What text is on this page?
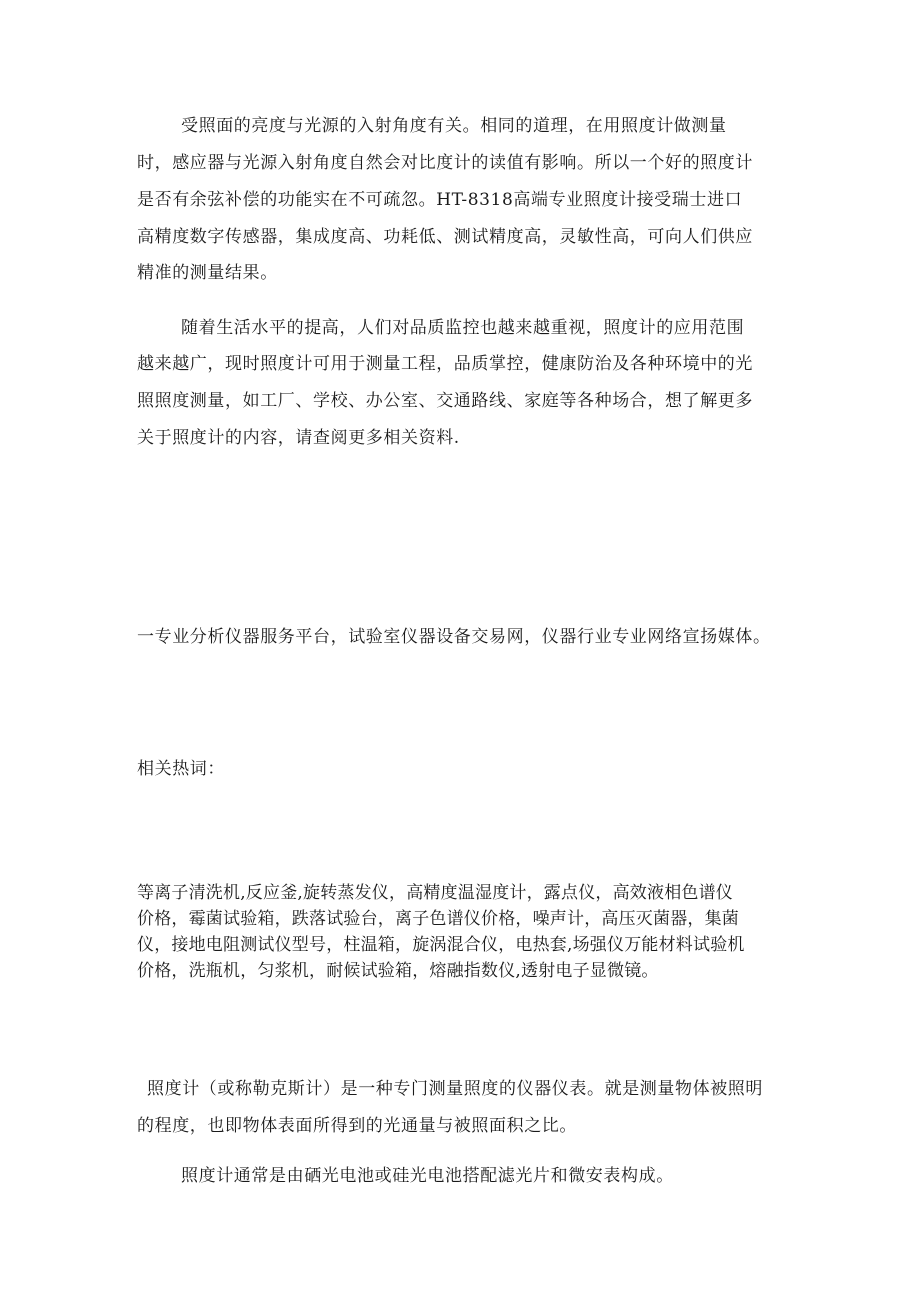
受照面的亮度与光源的入射角度有关。相同的道理，在用照度计做测量

时，感应器与光源入射角度自然会对比度计的读值有影响。所以一个好的照度计

是否有余弦补偿的功能实在不可疏忽。HT-8318高端专业照度计接受瑞士进口

高精度数字传感器，集成度高、功耗低、测试精度高，灵敏性高，可向人们供应

精准的测量结果。

随着生活水平的提高，人们对品质监控也越来越重视，照度计的应用范围

越来越广，现时照度计可用于测量工程，品质掌控，健康防治及各种环境中的光

照照度测量，如工厂、学校、办公室、交通路线、家庭等各种场合，想了解更多

关于照度计的内容，请查阅更多相关资料.

一专业分析仪器服务平台，试验室仪器设备交易网，仪器行业专业网络宣扬媒体。

相关热词：

等离子清洗机,反应釜,旋转蒸发仪，高精度温湿度计，露点仪，高效液相色谱仪

价格，霉菌试验箱，跌落试验台，离子色谱仪价格，噪声计，高压灭菌器，集菌

仪，接地电阻测试仪型号，柱温箱，旋涡混合仪，电热套,场强仪万能材料试验机

价格，洗瓶机，匀浆机，耐候试验箱，熔融指数仪,透射电子显微镜。

照度计（或称勒克斯计）是一种专门测量照度的仪器仪表。就是测量物体被照明

的程度，也即物体表面所得到的光通量与被照面积之比。

照度计通常是由硒光电池或硅光电池搭配滤光片和微安表构成。
